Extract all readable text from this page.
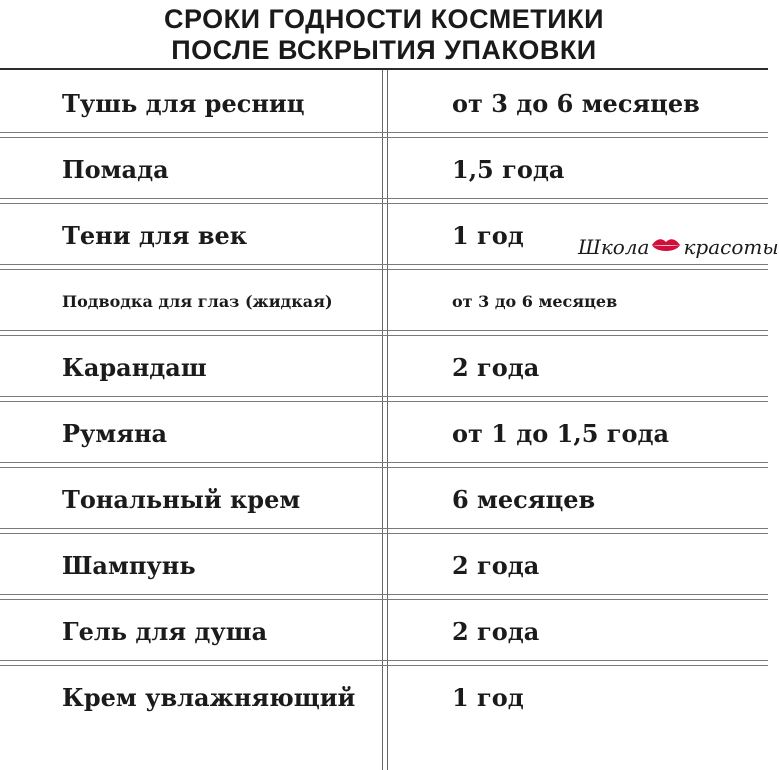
СРОКИ ГОДНОСТИ КОСМЕТИКИ
ПОСЛЕ ВСКРЫТИЯ УПАКОВКИ
Тушь для ресниц	от 3 до 6 месяцев
Помада	1,5 года
Тени для век	1 год
Подводка для глаз (жидкая)	от 3 до 6 месяцев
Карандаш	2 года
Румяна	от 1 до 1,5 года
Тональный крем	6 месяцев
Шампунь	2 года
Гель для душа	2 года
Крем увлажняющий	1 год
Школа красоты
